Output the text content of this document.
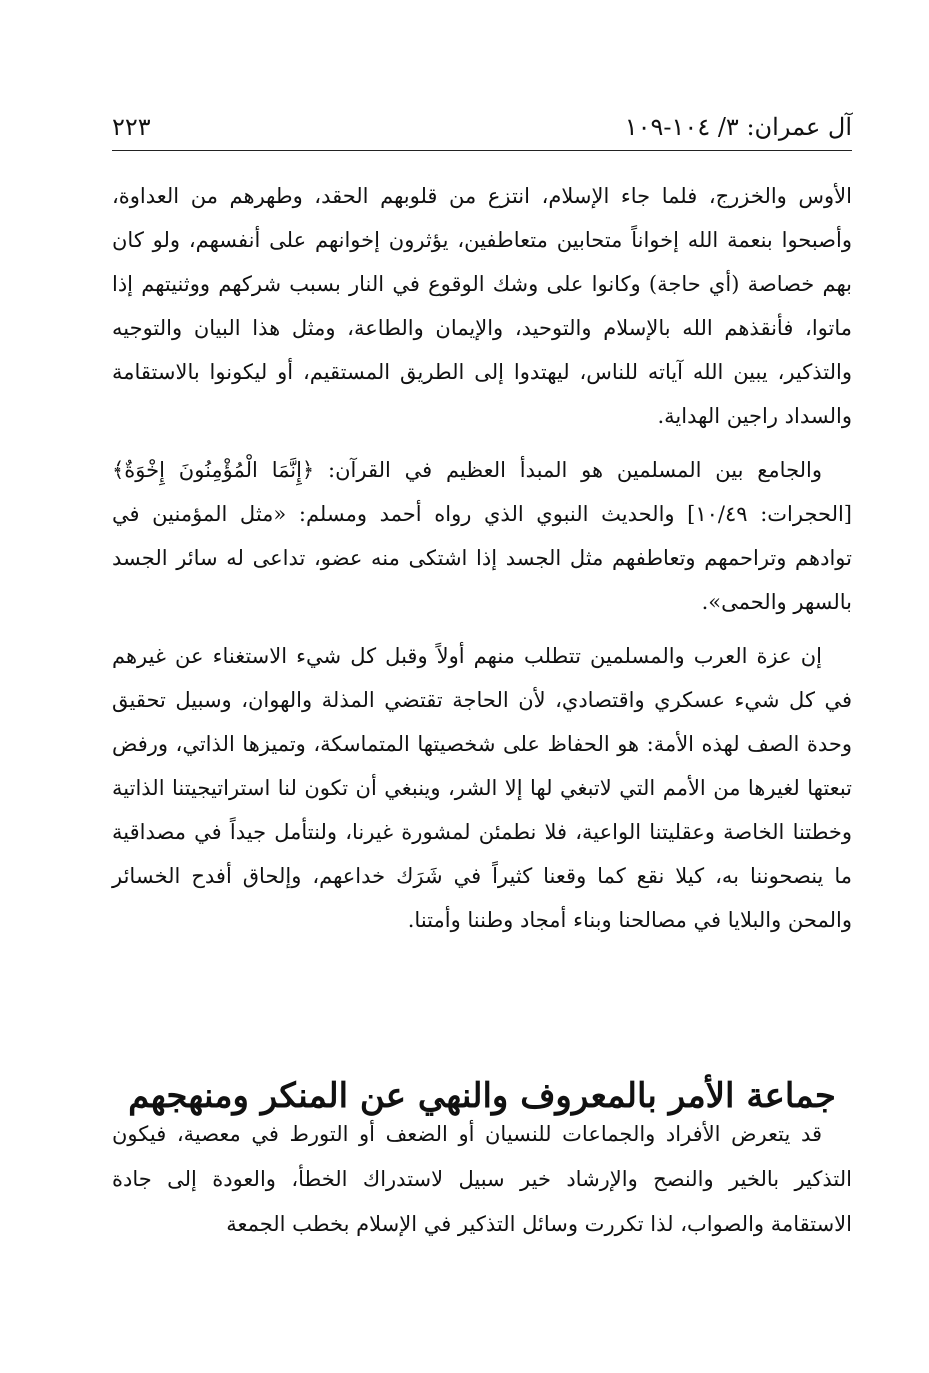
آل عمران: ٣/ ١٠٤-١٠٩
٢٢٣

الأوس والخزرج، فلما جاء الإسلام، انتزع من قلوبهم الحقد، وطهرهم من العداوة، وأصبحوا بنعمة الله إخواناً متحابين متعاطفين، يؤثرون إخوانهم على أنفسهم، ولو كان بهم خصاصة (أي حاجة) وكانوا على وشك الوقوع في النار بسبب شركهم ووثنيتهم إذا ماتوا، فأنقذهم الله بالإسلام والتوحيد، والإيمان والطاعة، ومثل هذا البيان والتوجيه والتذكير، يبين الله آياته للناس، ليهتدوا إلى الطريق المستقيم، أو ليكونوا بالاستقامة والسداد راجين الهداية.

والجامع بين المسلمين هو المبدأ العظيم في القرآن: ﴿إِنَّمَا الْمُؤْمِنُونَ إِخْوَةٌ﴾ [الحجرات: ١٠/٤٩] والحديث النبوي الذي رواه أحمد ومسلم: «مثل المؤمنين في توادهم وتراحمهم وتعاطفهم مثل الجسد إذا اشتكى منه عضو، تداعى له سائر الجسد بالسهر والحمى».

إن عزة العرب والمسلمين تتطلب منهم أولاً وقبل كل شيء الاستغناء عن غيرهم في كل شيء عسكري واقتصادي، لأن الحاجة تقتضي المذلة والهوان، وسبيل تحقيق وحدة الصف لهذه الأمة: هو الحفاظ على شخصيتها المتماسكة، وتميزها الذاتي، ورفض تبعتها لغيرها من الأمم التي لاتبغي لها إلا الشر، وينبغي أن تكون لنا استراتيجيتنا الذاتية وخطتنا الخاصة وعقليتنا الواعية، فلا نطمئن لمشورة غيرنا، ولنتأمل جيداً في مصداقية ما ينصحوننا به، كيلا نقع كما وقعنا كثيراً في شَرَك خداعهم، وإلحاق أفدح الخسائر والمحن والبلايا في مصالحنا وبناء أمجاد وطننا وأمتنا.

جماعة الأمر بالمعروف والنهي عن المنكر ومنهجهم

قد يتعرض الأفراد والجماعات للنسيان أو الضعف أو التورط في معصية، فيكون التذكير بالخير والنصح والإرشاد خير سبيل لاستدراك الخطأ، والعودة إلى جادة الاستقامة والصواب، لذا تكررت وسائل التذكير في الإسلام بخطب الجمعة
